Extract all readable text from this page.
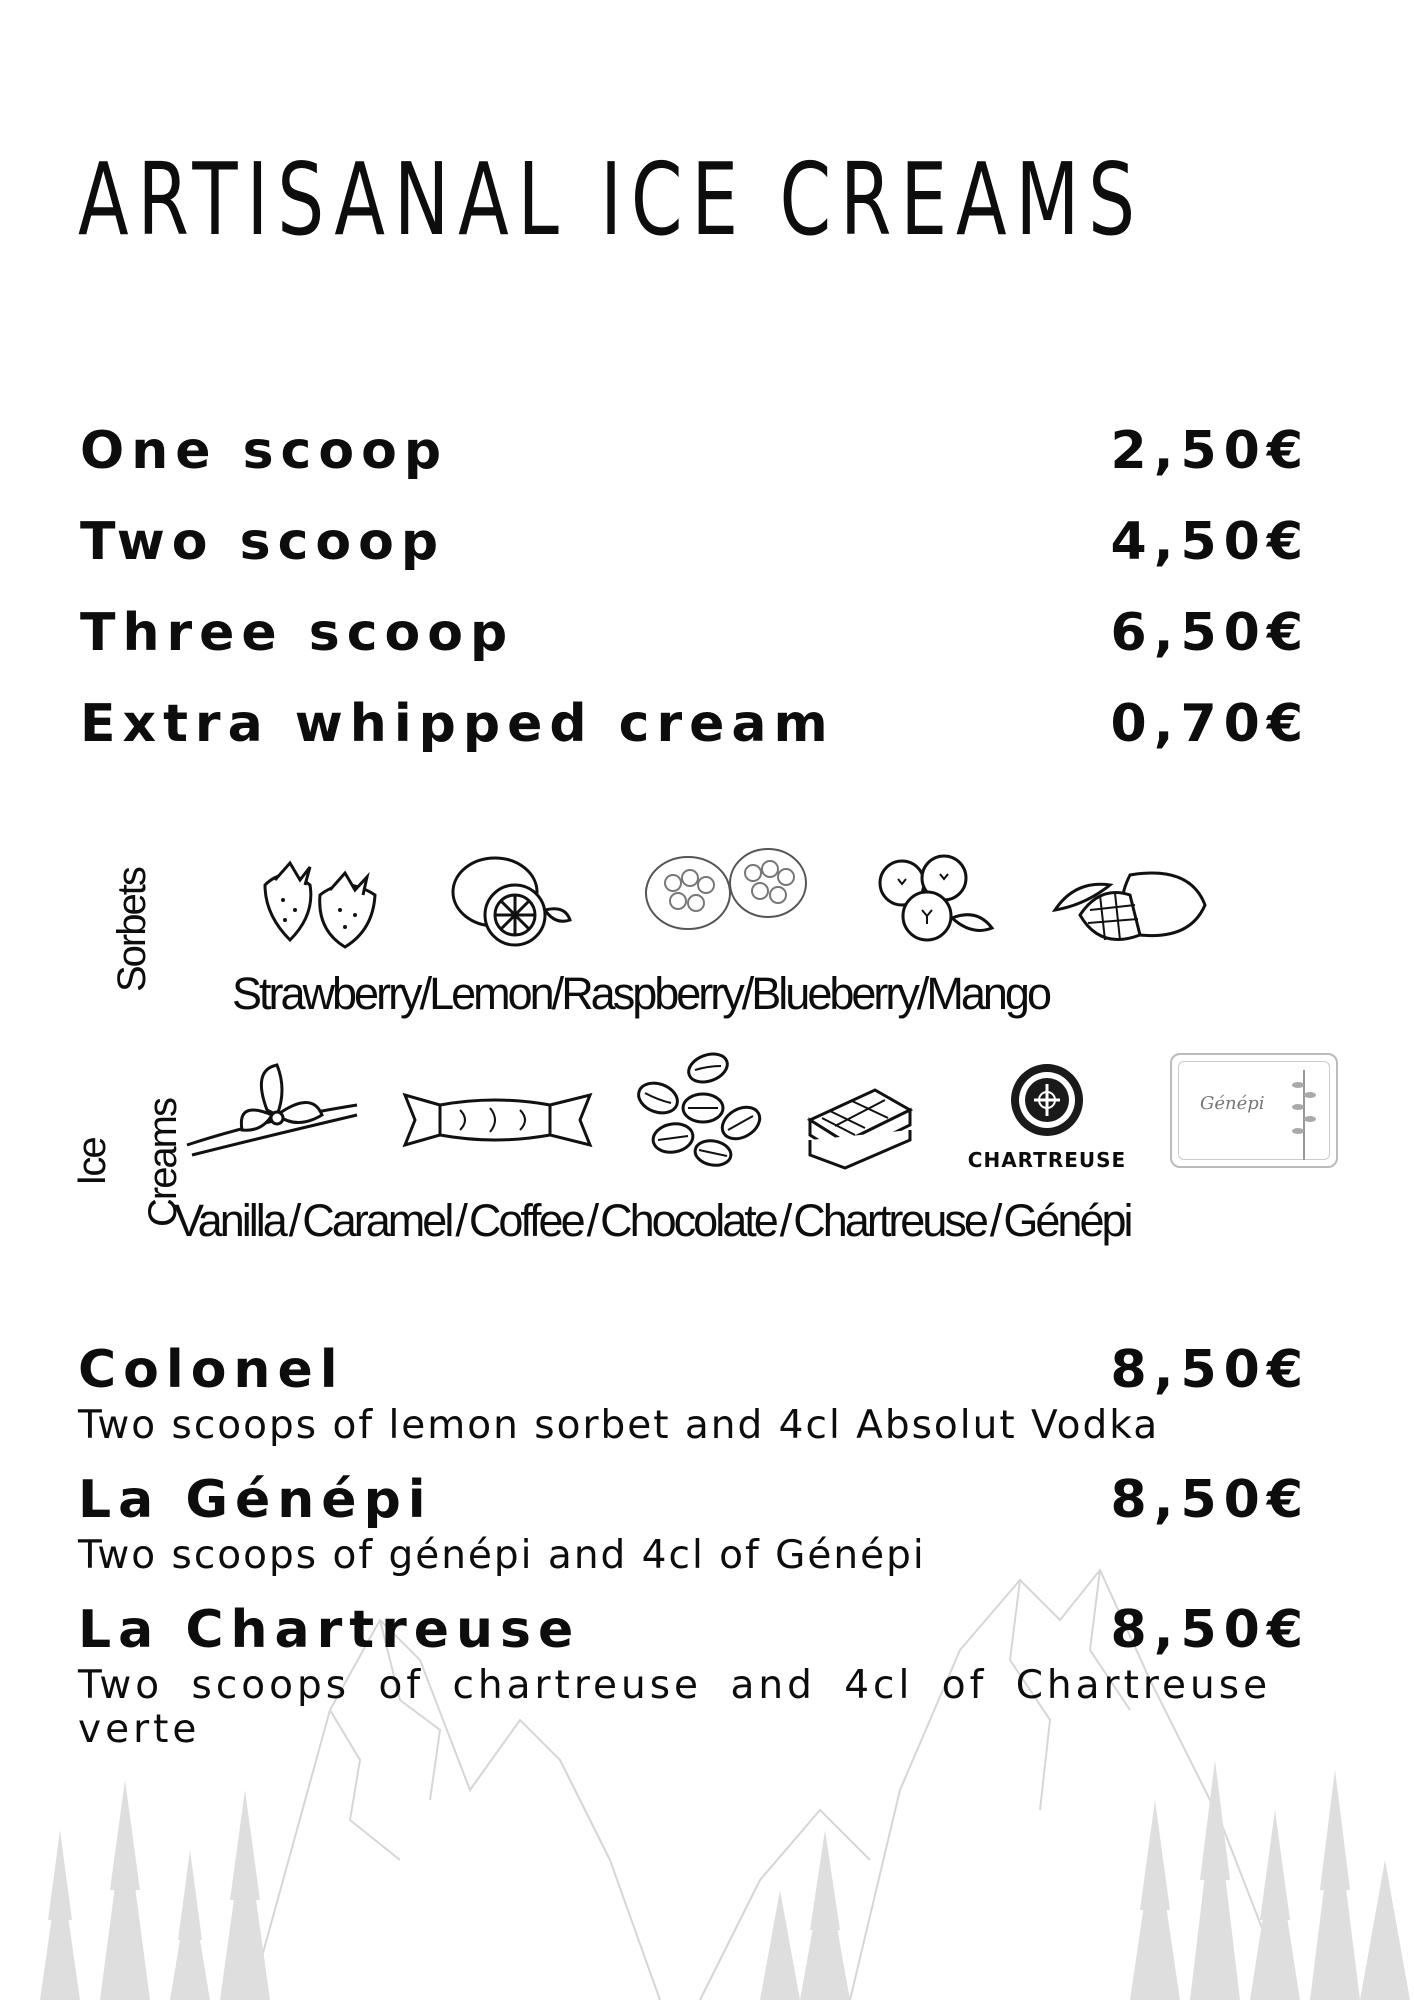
ARTISANAL ICE CREAMS
One scoop	2,50€
Two scoop	4,50€
Three scoop	6,50€
Extra whipped cream	0,70€
Sorbets
Strawberry/Lemon/Raspberry/Blueberry/Mango
Ice Creams	CHARTREUSE
Génépi
Vanilla/Caramel/Coffee/Chocolate/Chartreuse/Génépi
Colonel	8,50€
Two scoops of lemon sorbet and 4cl Absolut Vodka
La Génépi	8,50€
Two scoops of génépi and 4cl of Génépi
La Chartreuse	8,50€
Two scoops of chartreuse and 4cl of Chartreuse verte
